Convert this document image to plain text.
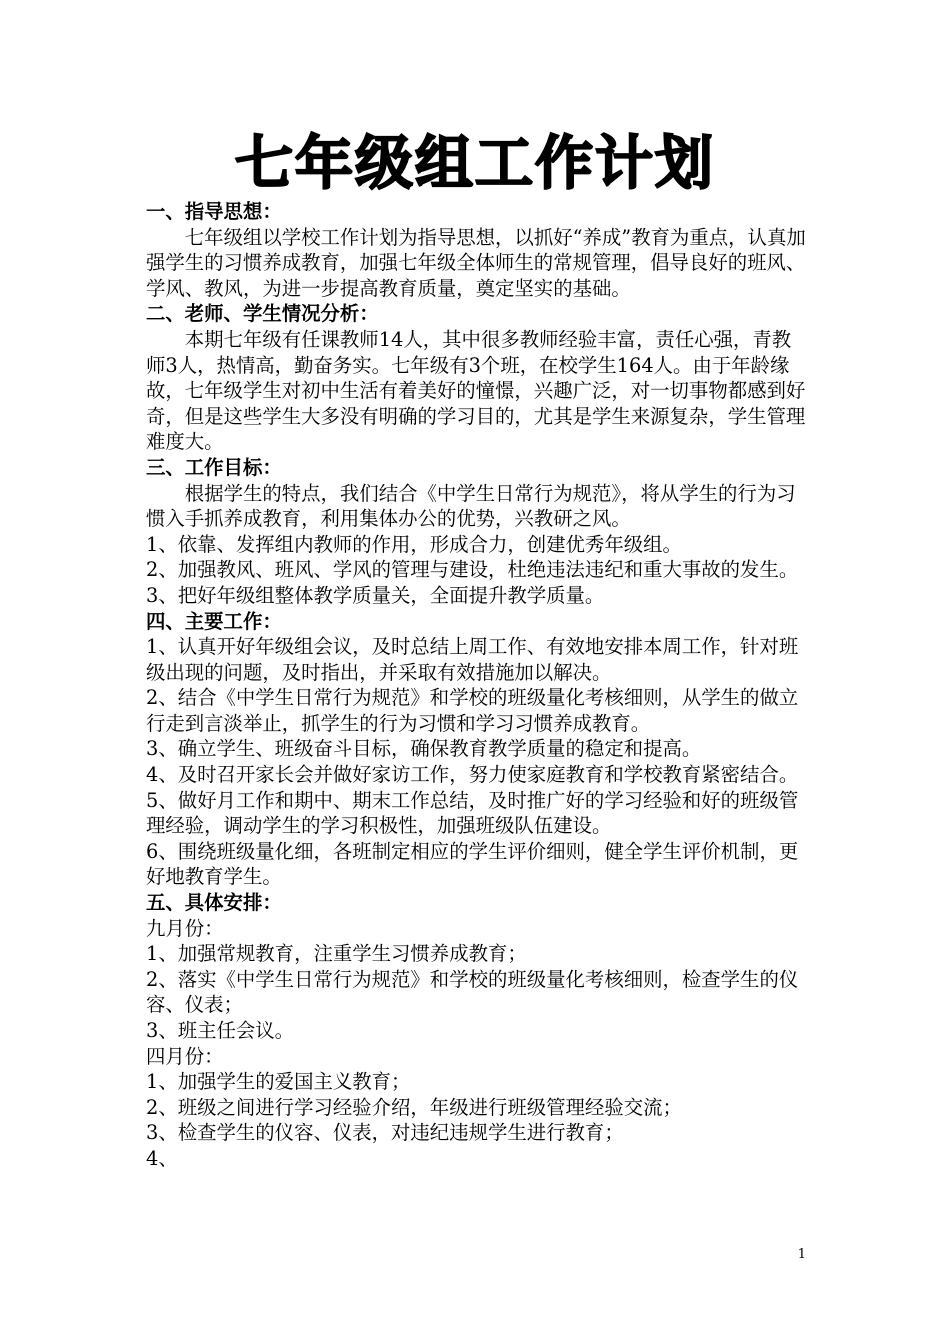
七年级组工作计划

一、指导思想：

七年级组以学校工作计划为指导思想，以抓好“养成”教育为重点，认真加强学生的习惯养成教育，加强七年级全体师生的常规管理，倡导良好的班风、学风、教风，为进一步提高教育质量，奠定坚实的基础。

二、老师、学生情况分析：

本期七年级有任课教师14人，其中很多教师经验丰富，责任心强，青教师3人，热情高，勤奋务实。七年级有3个班，在校学生164人。由于年龄缘故，七年级学生对初中生活有着美好的憧憬，兴趣广泛，对一切事物都感到好奇，但是这些学生大多没有明确的学习目的，尤其是学生来源复杂，学生管理难度大。

三、工作目标：

根据学生的特点，我们结合《中学生日常行为规范》，将从学生的行为习惯入手抓养成教育，利用集体办公的优势，兴教研之风。

1、依靠、发挥组内教师的作用，形成合力，创建优秀年级组。

2、加强教风、班风、学风的管理与建设，杜绝违法违纪和重大事故的发生。

3、把好年级组整体教学质量关，全面提升教学质量。

四、主要工作：

1、认真开好年级组会议，及时总结上周工作、有效地安排本周工作，针对班级出现的问题，及时指出，并采取有效措施加以解决。

2、结合《中学生日常行为规范》和学校的班级量化考核细则，从学生的做立行走到言淡举止，抓学生的行为习惯和学习习惯养成教育。

3、确立学生、班级奋斗目标，确保教育教学质量的稳定和提高。

4、及时召开家长会并做好家访工作，努力使家庭教育和学校教育紧密结合。

5、做好月工作和期中、期末工作总结，及时推广好的学习经验和好的班级管理经验，调动学生的学习积极性，加强班级队伍建设。

6、围绕班级量化细，各班制定相应的学生评价细则，健全学生评价机制，更好地教育学生。

五、具体安排：

九月份：

1、加强常规教育，注重学生习惯养成教育；

2、落实《中学生日常行为规范》和学校的班级量化考核细则，检查学生的仪容、仪表；

3、班主任会议。

四月份：

1、加强学生的爱国主义教育；

2、班级之间进行学习经验介绍，年级进行班级管理经验交流；

3、检查学生的仪容、仪表，对违纪违规学生进行教育；

4、

1
